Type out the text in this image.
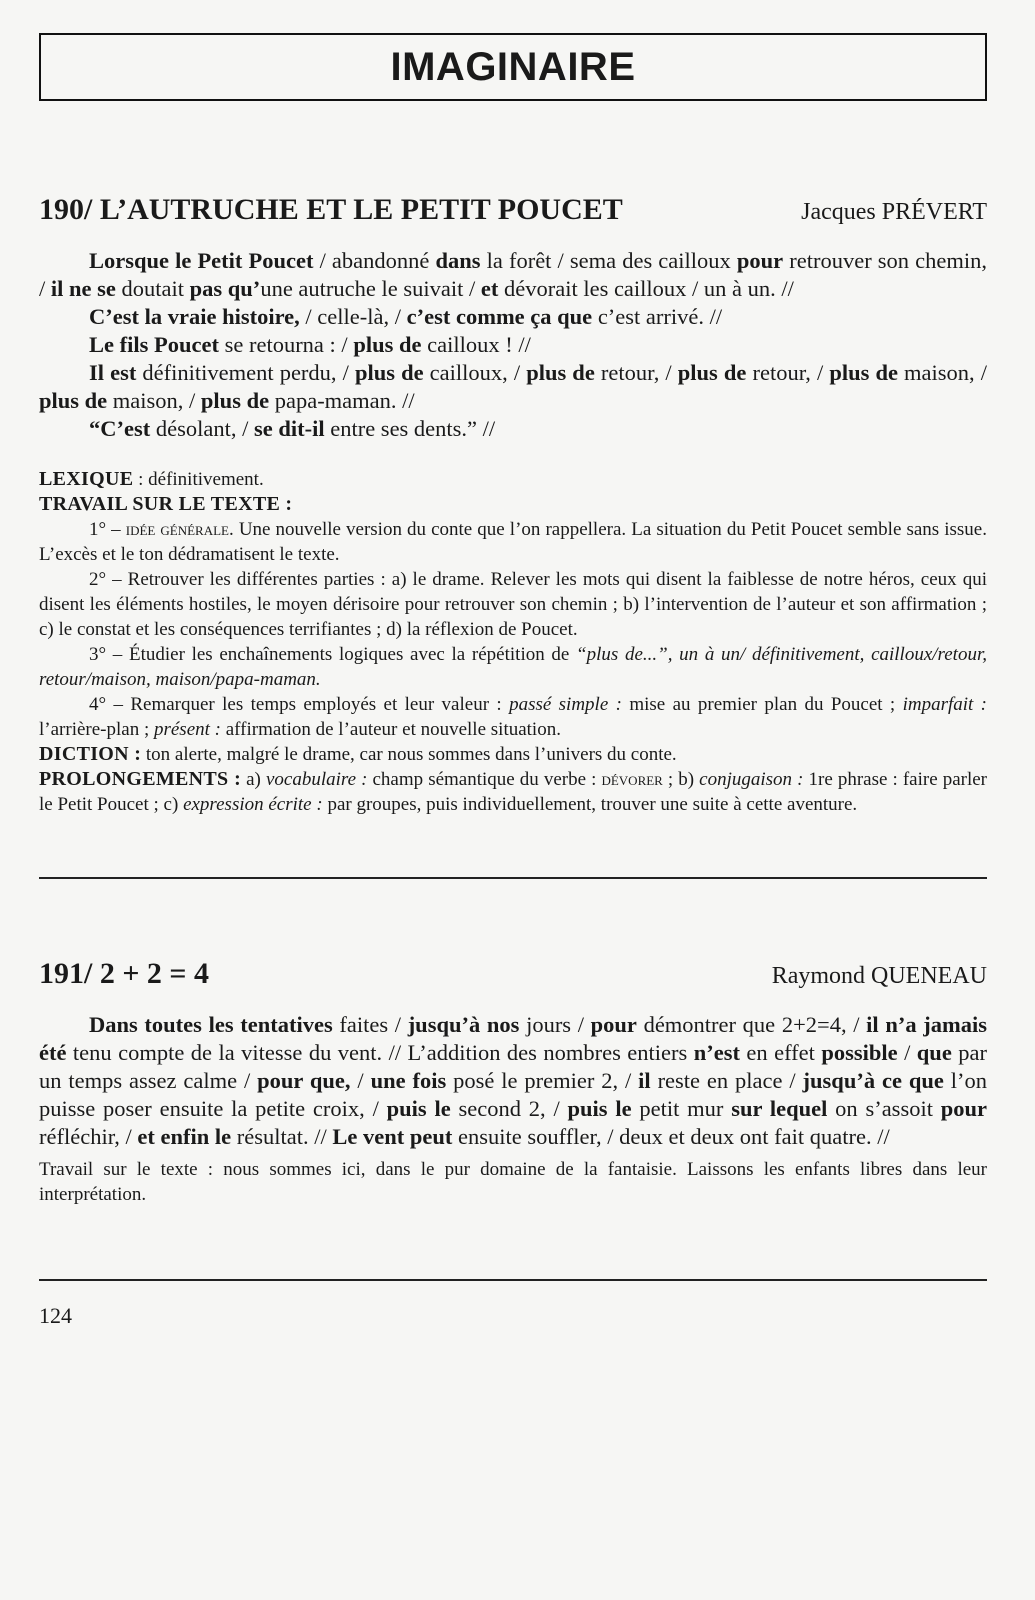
IMAGINAIRE
190/ L’AUTRUCHE ET LE PETIT POUCET	Jacques PRÉVERT

Lorsque le Petit Poucet / abandonné dans la forêt / sema des cailloux pour retrouver son chemin, / il ne se doutait pas qu’une autruche le suivait / et dévorait les cailloux / un à un. //

C’est la vraie histoire, / celle-là, / c’est comme ça que c’est arrivé. //

Le fils Poucet se retourna : / plus de cailloux ! //

Il est définitivement perdu, / plus de cailloux, / plus de retour, / plus de retour, / plus de maison, / plus de maison, / plus de papa-maman. //

“C’est désolant, / se dit-il entre ses dents.” //

LEXIQUE : définitivement.

TRAVAIL SUR LE TEXTE :

1° – idée générale. Une nouvelle version du conte que l’on rappellera. La situation du Petit Poucet semble sans issue. L’excès et le ton dédramatisent le texte.

2° – Retrouver les différentes parties : a) le drame. Relever les mots qui disent la faiblesse de notre héros, ceux qui disent les éléments hostiles, le moyen dérisoire pour retrouver son chemin ; b) l’intervention de l’auteur et son affirmation ; c) le constat et les conséquences terrifiantes ; d) la réflexion de Poucet.

3° – Étudier les enchaînements logiques avec la répétition de “plus de...”, un à un/ définitivement, cailloux/retour, retour/maison, maison/papa-maman.

4° – Remarquer les temps employés et leur valeur : passé simple : mise au premier plan du Poucet ; imparfait : l’arrière-plan ; présent : affirmation de l’auteur et nouvelle situation.

DICTION : ton alerte, malgré le drame, car nous sommes dans l’univers du conte.

PROLONGEMENTS : a) vocabulaire : champ sémantique du verbe : dévorer ; b) conjugaison : 1re phrase : faire parler le Petit Poucet ; c) expression écrite : par groupes, puis individuellement, trouver une suite à cette aventure.

191/ 2 + 2 = 4	Raymond QUENEAU

Dans toutes les tentatives faites / jusqu’à nos jours / pour démontrer que 2+2=4, / il n’a jamais été tenu compte de la vitesse du vent. // L’addition des nombres entiers n’est en effet possible / que par un temps assez calme / pour que, / une fois posé le premier 2, / il reste en place / jusqu’à ce que l’on puisse poser ensuite la petite croix, / puis le second 2, / puis le petit mur sur lequel on s’assoit pour réfléchir, / et enfin le résultat. // Le vent peut ensuite souffler, / deux et deux ont fait quatre. //

Travail sur le texte : nous sommes ici, dans le pur domaine de la fantaisie. Laissons les enfants libres dans leur interprétation.

124
